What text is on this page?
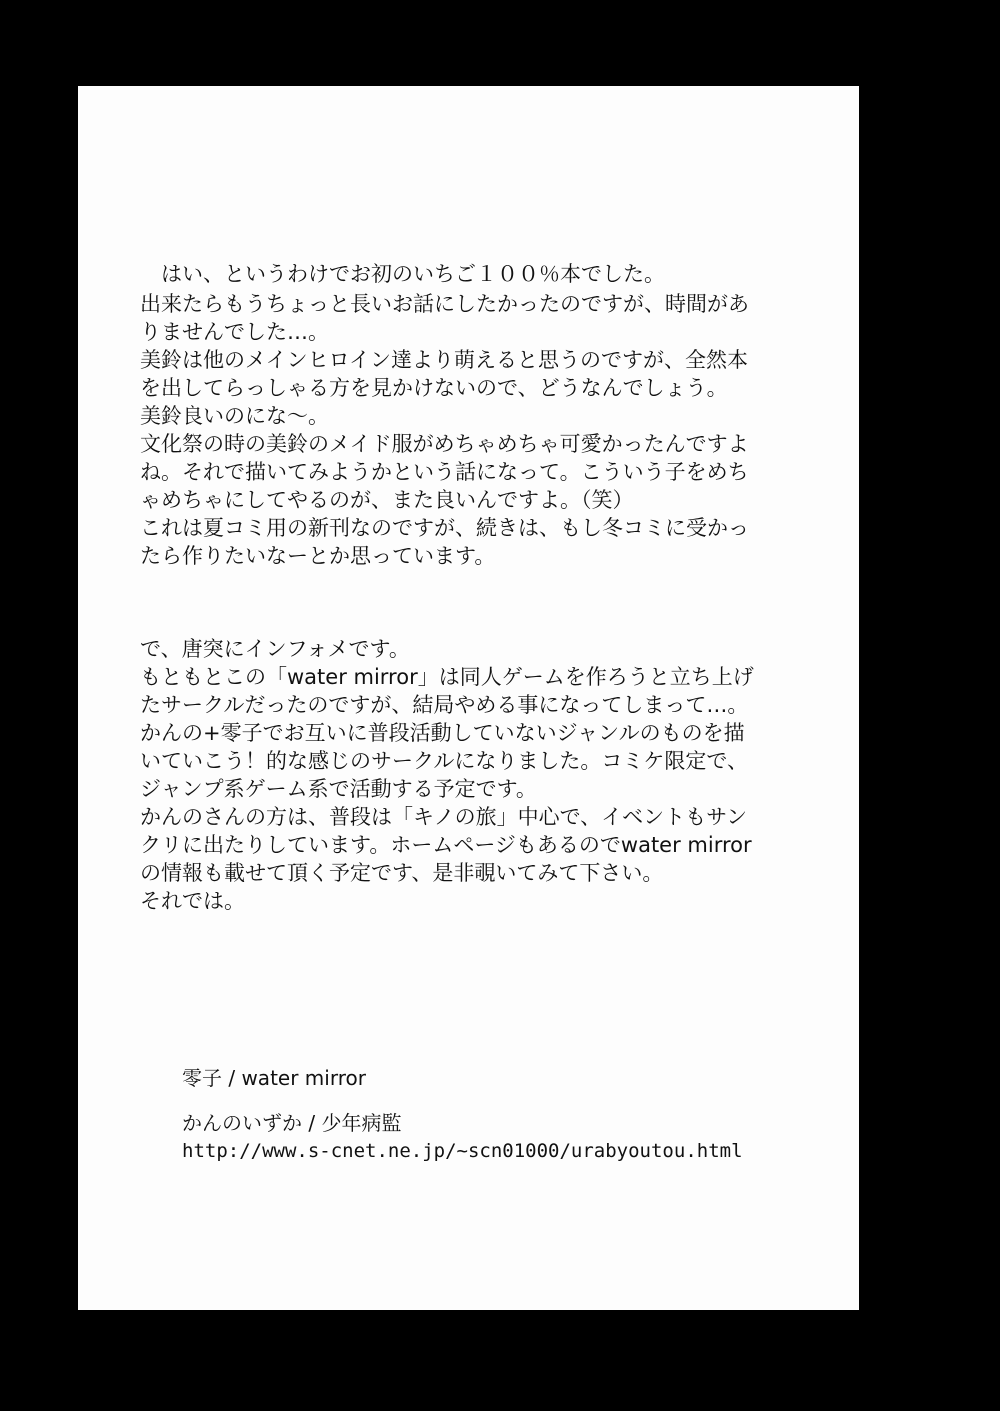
　はい、というわけでお初のいちご１００％本でした。

出来たらもうちょっと長いお話にしたかったのですが、時間があ

りませんでした…。

美鈴は他のメインヒロイン達より萌えると思うのですが、全然本

を出してらっしゃる方を見かけないので、どうなんでしょう。

美鈴良いのにな～。

文化祭の時の美鈴のメイド服がめちゃめちゃ可愛かったんですよ

ね。それで描いてみようかという話になって。こういう子をめち

ゃめちゃにしてやるのが、また良いんですよ。（笑）

これは夏コミ用の新刊なのですが、続きは、もし冬コミに受かっ

たら作りたいなーとか思っています。

で、唐突にインフォメです。

もともとこの「water mirror」は同人ゲームを作ろうと立ち上げ

たサークルだったのですが、結局やめる事になってしまって…。

かんの+零子でお互いに普段活動していないジャンルのものを描

いていこう！的な感じのサークルになりました。コミケ限定で、

ジャンプ系ゲーム系で活動する予定です。

かんのさんの方は、普段は「キノの旅」中心で、イベントもサン

クリに出たりしています。ホームページもあるのでwater mirror

の情報も載せて頂く予定です、是非覗いてみて下さい。

それでは。

零子 / water mirror

かんのいずか / 少年病監

http://www.s-cnet.ne.jp/~scn01000/urabyoutou.html
